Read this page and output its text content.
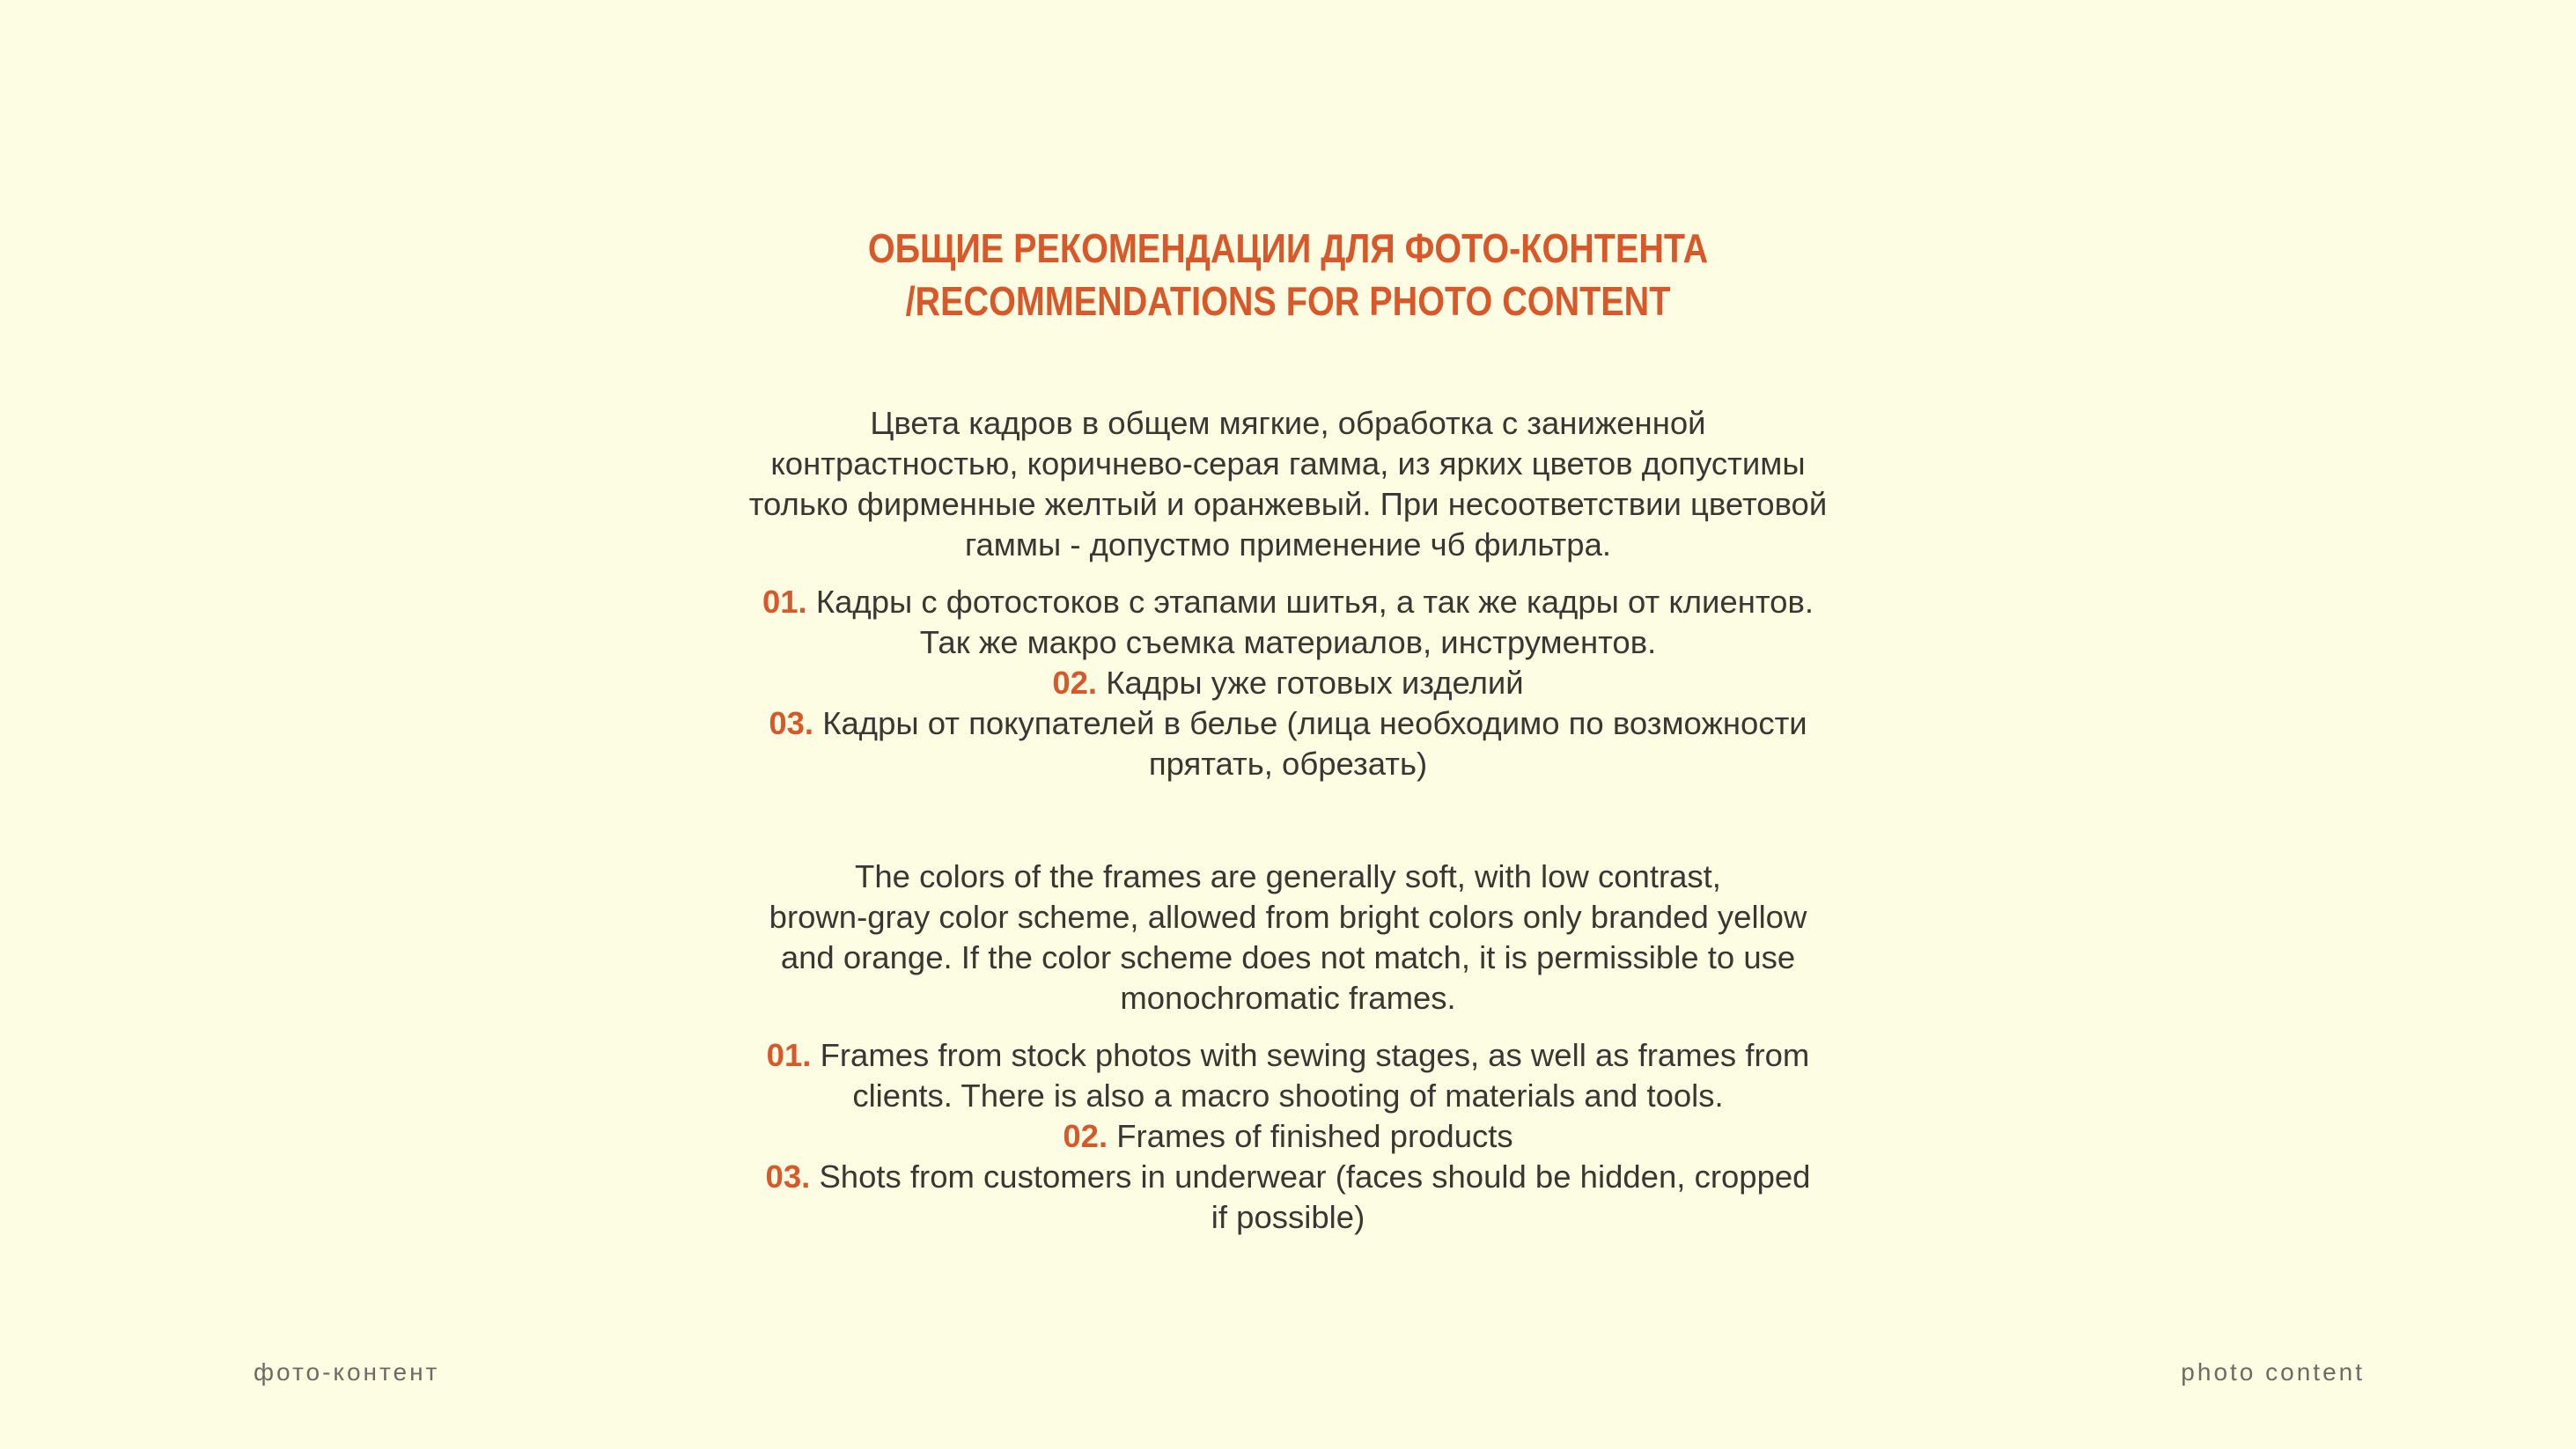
ОБЩИЕ РЕКОМЕНДАЦИИ ДЛЯ ФОТО-КОНТЕНТА
/RECOMMENDATIONS FOR PHOTO CONTENT
Цвета кадров в общем мягкие, обработка с заниженной
контрастностью, коричнево-серая гамма, из ярких цветов допустимы
только фирменные желтый и оранжевый. При несоответствии цветовой
гаммы - допустмо применение чб фильтра.
01. Кадры с фотостоков с этапами шитья, а так же кадры от клиентов.
Так же макро съемка материалов, инструментов.
02. Кадры уже готовых изделий
03. Кадры от покупателей в белье (лица необходимо по возможности
прятать, обрезать)
The colors of the frames are generally soft, with low contrast,
brown-gray color scheme, allowed from bright colors only branded yellow
and orange. If the color scheme does not match, it is permissible to use
monochromatic frames.
01. Frames from stock photos with sewing stages, as well as frames from
clients. There is also a macro shooting of materials and tools.
02. Frames of finished products
03. Shots from customers in underwear (faces should be hidden, cropped
if possible)
фото-контент	photo content
